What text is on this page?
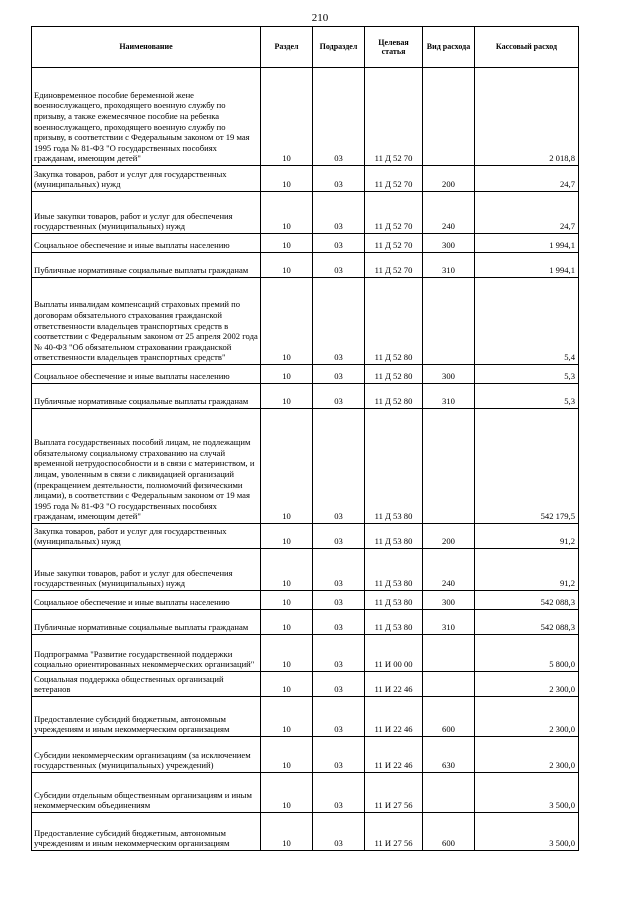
210
Наименование	Раздел	Подраздел	Целевая статья	Вид расхода	Кассовый расход
Единовременное пособие беременной жене военнослужащего, проходящего военную службу по призыву, а также ежемесячное пособие на ребенка военнослужащего, проходящего военную службу по призыву, в соответствии с Федеральным законом от 19 мая 1995 года № 81-ФЗ "О государственных пособиях гражданам, имеющим детей"	10	03	11 Д 52 70		2 018,8
Закупка товаров, работ и услуг для государственных (муниципальных) нужд	10	03	11 Д 52 70	200	24,7
Иные закупки товаров, работ и услуг для обеспечения государственных (муниципальных) нужд	10	03	11 Д 52 70	240	24,7
Социальное обеспечение и иные выплаты населению	10	03	11 Д 52 70	300	1 994,1
Публичные нормативные социальные выплаты гражданам	10	03	11 Д 52 70	310	1 994,1
Выплаты инвалидам компенсаций страховых премий по договорам обязательного страхования гражданской ответственности владельцев транспортных средств в соответствии с Федеральным законом от 25 апреля 2002 года № 40-ФЗ "Об обязательном страховании гражданской ответственности владельцев транспортных средств"	10	03	11 Д 52 80		5,4
Социальное обеспечение и иные выплаты населению	10	03	11 Д 52 80	300	5,3
Публичные нормативные социальные выплаты гражданам	10	03	11 Д 52 80	310	5,3
Выплата государственных пособий лицам, не подлежащим обязательному социальному страхованию на случай временной нетрудоспособности и в связи с материнством, и лицам, уволенным в связи с ликвидацией организаций (прекращением деятельности, полномочий физическими лицами), в соответствии с Федеральным законом от 19 мая 1995 года № 81-ФЗ "О государственных пособиях гражданам, имеющим детей"	10	03	11 Д 53 80		542 179,5
Закупка товаров, работ и услуг для государственных (муниципальных) нужд	10	03	11 Д 53 80	200	91,2
Иные закупки товаров, работ и услуг для обеспечения государственных (муниципальных) нужд	10	03	11 Д 53 80	240	91,2
Социальное обеспечение и иные выплаты населению	10	03	11 Д 53 80	300	542 088,3
Публичные нормативные социальные выплаты гражданам	10	03	11 Д 53 80	310	542 088,3
Подпрограмма "Развитие государственной поддержки социально ориентированных некоммерческих организаций"	10	03	11 И 00 00		5 800,0
Социальная поддержка общественных организаций ветеранов	10	03	11 И 22 46		2 300,0
Предоставление субсидий бюджетным, автономным учреждениям и иным некоммерческим организациям	10	03	11 И 22 46	600	2 300,0
Субсидии некоммерческим организациям (за исключением государственных (муниципальных) учреждений)	10	03	11 И 22 46	630	2 300,0
Субсидии отдельным общественным организациям и иным некоммерческим объединениям	10	03	11 И 27 56		3 500,0
Предоставление субсидий бюджетным, автономным учреждениям и иным некоммерческим организациям	10	03	11 И 27 56	600	3 500,0
